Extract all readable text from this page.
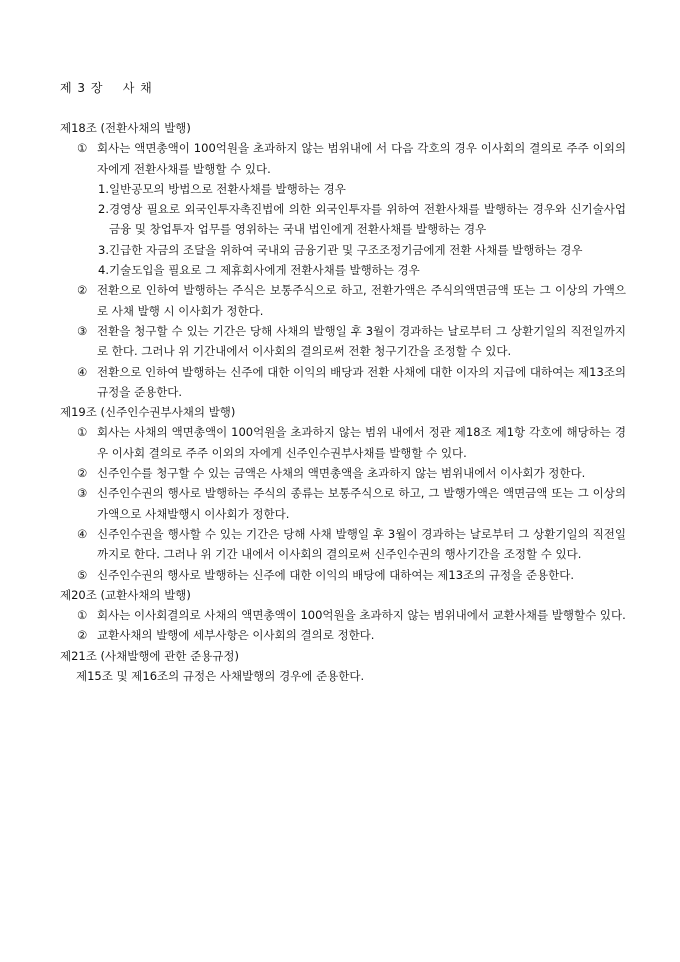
제 3 장    사 채
제18조 (전환사채의 발행)
① 회사는 액면총액이 100억원을 초과하지 않는 범위내에 서 다음 각호의 경우 이사회의 결의로 주주 이외의 자에게 전환사채를 발행할 수 있다.
1. 일반공모의 방법으로 전환사채를 발행하는 경우
2. 경영상 필요로 외국인투자촉진법에 의한 외국인투자를 위하여 전환사채를 발행하는 경우와 신기술사업금융 및 창업투자 업무를 영위하는 국내 법인에게 전환사채를 발행하는 경우
3. 긴급한 자금의 조달을 위하여 국내외 금융기관 및 구조조정기금에게 전환 사채를 발행하는 경우
4. 기술도입을 필요로 그 제휴회사에게 전환사채를 발행하는 경우
② 전환으로 인하여 발행하는 주식은 보통주식으로 하고, 전환가액은 주식의액면금액 또는 그 이상의 가액으로 사채 발행 시 이사회가 정한다.
③ 전환을 청구할 수 있는 기간은 당해 사채의 발행일 후 3월이 경과하는 날로부터 그 상환기일의 직전일까지로 한다. 그러나 위 기간내에서 이사회의 결의로써 전환 청구기간을 조정할 수 있다.
④ 전환으로 인하여 발행하는 신주에 대한 이익의 배당과 전환 사채에 대한 이자의 지급에 대하여는 제13조의 규정을 준용한다.
제19조 (신주인수권부사채의 발행)
① 회사는 사채의 액면총액이 100억원을 초과하지 않는 범위 내에서 정관 제18조 제1항 각호에 해당하는 경우 이사회 결의로 주주 이외의 자에게 신주인수권부사채를 발행할 수 있다.
② 신주인수를 청구할 수 있는 금액은 사채의 액면총액을 초과하지 않는 범위내에서 이사회가 정한다.
③ 신주인수권의 행사로 발행하는 주식의 종류는 보통주식으로 하고, 그 발행가액은 액면금액 또는 그 이상의 가액으로 사채발행시 이사회가 정한다.
④ 신주인수권을 행사할 수 있는 기간은 당해 사채 발행일 후 3월이 경과하는 날로부터 그 상환기일의 직전일까지로 한다. 그러나 위 기간 내에서 이사회의 결의로써 신주인수권의 행사기간을 조정할 수 있다.
⑤ 신주인수권의 행사로 발행하는 신주에 대한 이익의 배당에 대하여는 제13조의 규정을 준용한다.
제20조 (교환사채의 발행)
① 회사는 이사회결의로 사채의 액면총액이 100억원을 초과하지 않는 범위내에서 교환사채를 발행할수 있다.
② 교환사채의 발행에 세부사항은 이사회의 결의로 정한다.
제21조 (사채발행에 관한 준용규정)
제15조 및 제16조의 규정은 사채발행의 경우에 준용한다.
